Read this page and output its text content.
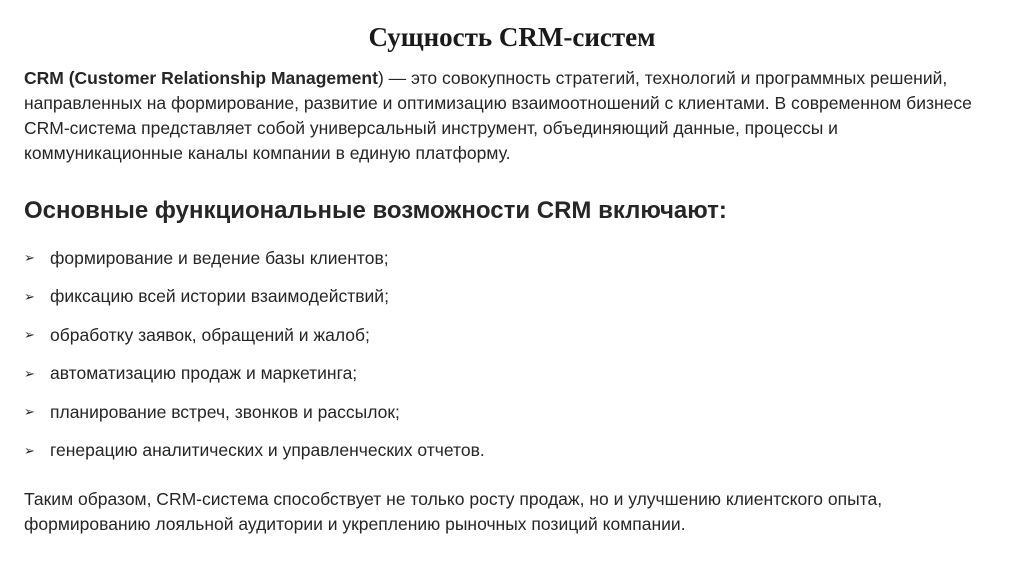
Сущность CRM-систем
CRM (Customer Relationship Management) — это совокупность стратегий, технологий и программных решений, направленных на формирование, развитие и оптимизацию взаимоотношений с клиентами. В современном бизнесе CRM-система представляет собой универсальный инструмент, объединяющий данные, процессы и коммуникационные каналы компании в единую платформу.
Основные функциональные возможности CRM включают:
➢ формирование и ведение базы клиентов;
➢ фиксацию всей истории взаимодействий;
➢ обработку заявок, обращений и жалоб;
➢ автоматизацию продаж и маркетинга;
➢ планирование встреч, звонков и рассылок;
➢ генерацию аналитических и управленческих отчетов.
Таким образом, CRM-система способствует не только росту продаж, но и улучшению клиентского опыта, формированию лояльной аудитории и укреплению рыночных позиций компании.
